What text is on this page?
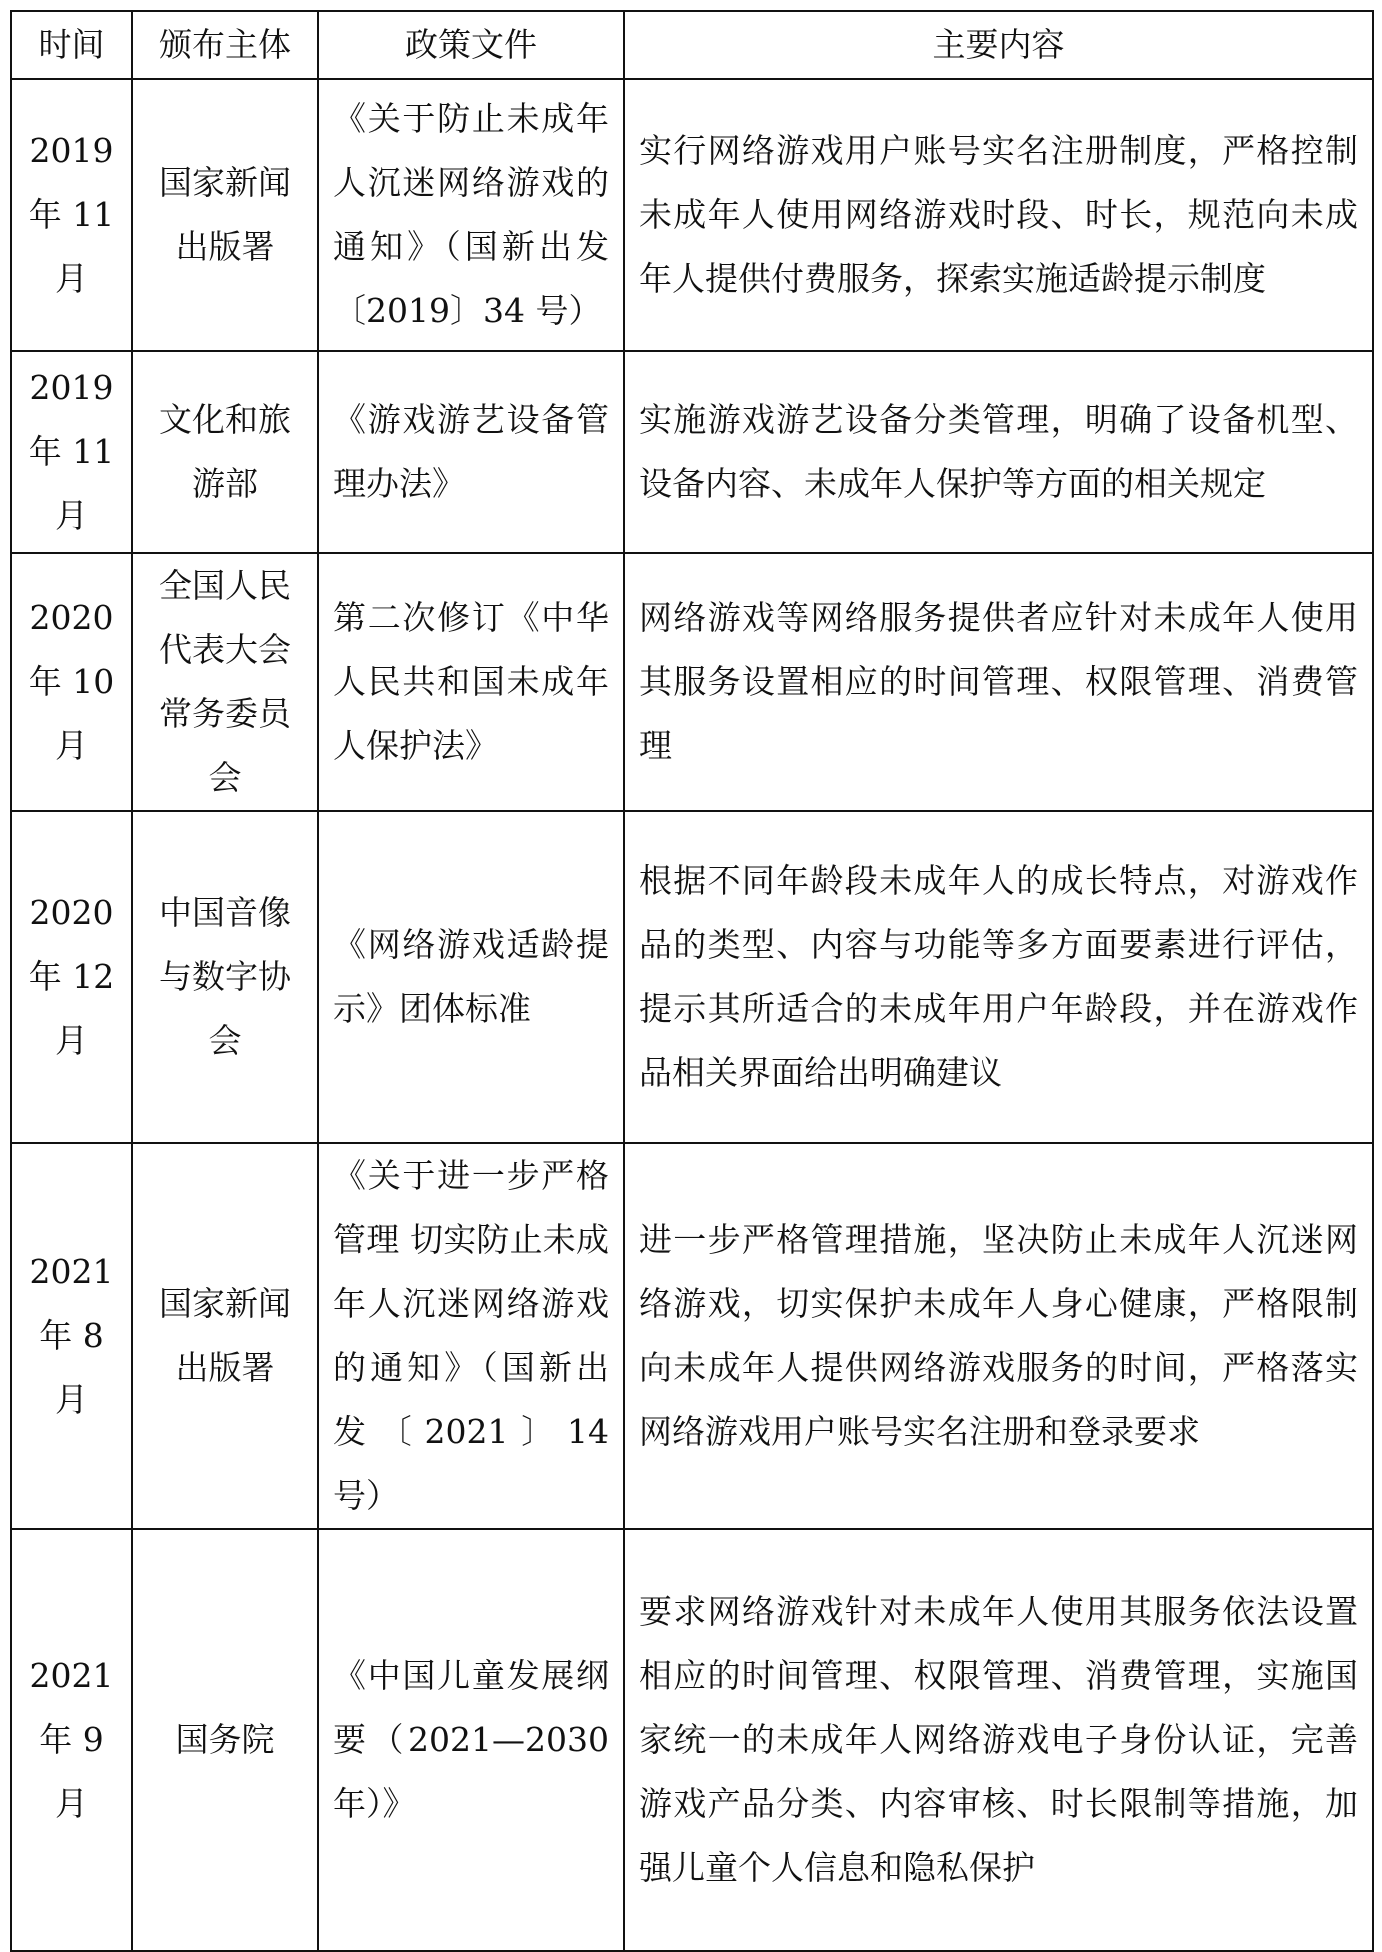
时间	颁布主体	政策文件	主要内容
2019 年 11 月	国家新闻出版署	《关于防止未成年人沉迷网络游戏的通知》（国新出发〔2019〕34 号）	实行网络游戏用户账号实名注册制度，严格控制未成年人使用网络游戏时段、时长，规范向未成年人提供付费服务，探索实施适龄提示制度
2019 年 11 月	文化和旅游部	《游戏游艺设备管理办法》	实施游戏游艺设备分类管理，明确了设备机型、设备内容、未成年人保护等方面的相关规定
2020 年 10 月	全国人民代表大会常务委员会	第二次修订《中华人民共和国未成年人保护法》	网络游戏等网络服务提供者应针对未成年人使用其服务设置相应的时间管理、权限管理、消费管理
2020 年 12 月	中国音像与数字协会	《网络游戏适龄提示》团体标准	根据不同年龄段未成年人的成长特点，对游戏作品的类型、内容与功能等多方面要素进行评估，提示其所适合的未成年用户年龄段，并在游戏作品相关界面给出明确建议
2021 年 8 月	国家新闻出版署	《关于进一步严格管理 切实防止未成年人沉迷网络游戏的通知》（国新出发〔2021〕14 号）	进一步严格管理措施，坚决防止未成年人沉迷网络游戏，切实保护未成年人身心健康，严格限制向未成年人提供网络游戏服务的时间，严格落实网络游戏用户账号实名注册和登录要求
2021 年 9 月	国务院	《中国儿童发展纲要（2021—2030 年）》	要求网络游戏针对未成年人使用其服务依法设置相应的时间管理、权限管理、消费管理，实施国家统一的未成年人网络游戏电子身份认证，完善游戏产品分类、内容审核、时长限制等措施，加强儿童个人信息和隐私保护
